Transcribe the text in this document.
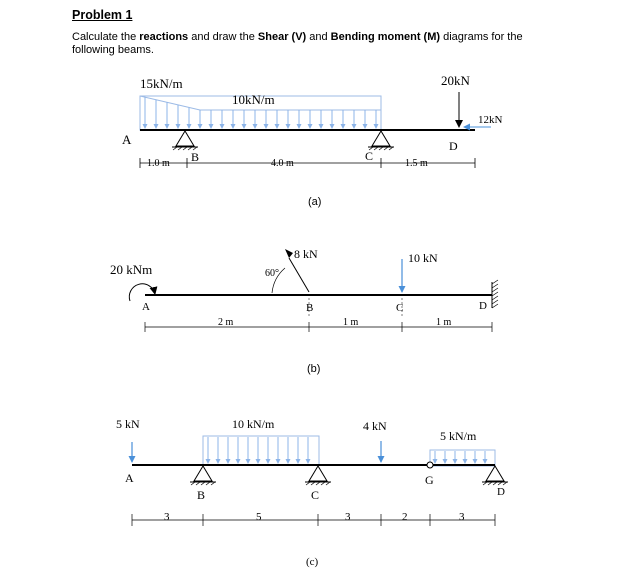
Problem 1
Calculate the reactions and draw the Shear (V) and Bending moment (M) diagrams for the
following beams.
15kN/m
10kN/m
20kN
12kN
A
B	C
D
1.0 m	4.0 m	1.5 m
(a)
20 kNm
8 kN
60°
10 kN
A	B	C	D
2 m	1 m	1 m
(b)
5 kN	10 kN/m	4 kN
5 kN/m
A
B	C
G
D
3	5	3	2	3
(c)
